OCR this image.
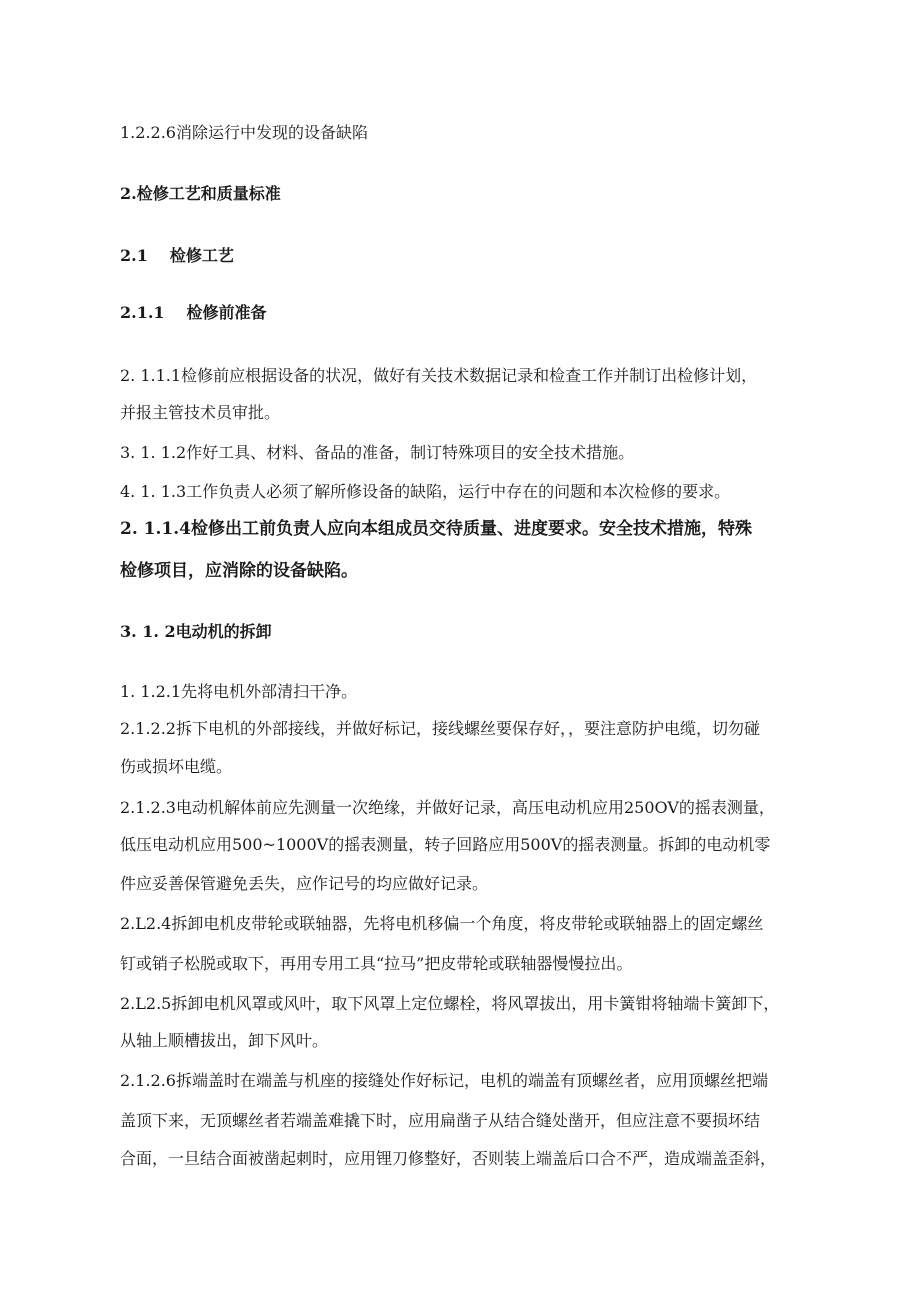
1.2.2.6消除运行中发现的设备缺陷

2.检修工艺和质量标准

2.1 检修工艺

2.1.1 检修前准备

2. 1.1.1检修前应根据设备的状况，做好有关技术数据记录和检查工作并制订出检修计划，

并报主管技术员审批。

3. 1. 1.2作好工具、材料、备品的准备，制订特殊项目的安全技术措施。

4. 1. 1.3工作负责人必须了解所修设备的缺陷，运行中存在的问题和本次检修的要求。

2. 1.1.4检修出工前负责人应向本组成员交待质量、进度要求。安全技术措施，特殊

检修项目，应消除的设备缺陷。

3. 1. 2电动机的拆卸

1. 1.2.1先将电机外部清扫干净。

2.1.2.2拆下电机的外部接线，并做好标记，接线螺丝要保存好，，要注意防护电缆，切勿碰

伤或损坏电缆。

2.1.2.3电动机解体前应先测量一次绝缘，并做好记录，高压电动机应用250OV的摇表测量，

低压电动机应用500~1000V的摇表测量，转子回路应用500V的摇表测量。拆卸的电动机零

件应妥善保管避免丢失，应作记号的均应做好记录。

2.L2.4拆卸电机皮带轮或联轴器，先将电机移偏一个角度，将皮带轮或联轴器上的固定螺丝

钉或销子松脱或取下，再用专用工具“拉马”把皮带轮或联轴器慢慢拉出。

2.L2.5拆卸电机风罩或风叶，取下风罩上定位螺栓，将风罩拔出，用卡簧钳将轴端卡簧卸下，

从轴上顺槽拔出，卸下风叶。

2.1.2.6拆端盖时在端盖与机座的接缝处作好标记，电机的端盖有顶螺丝者，应用顶螺丝把端

盖顶下来，无顶螺丝者若端盖难撬下时，应用扁凿子从结合缝处凿开，但应注意不要损坏结

合面，一旦结合面被凿起刺时，应用锂刀修整好，否则装上端盖后口合不严，造成端盖歪斜，
